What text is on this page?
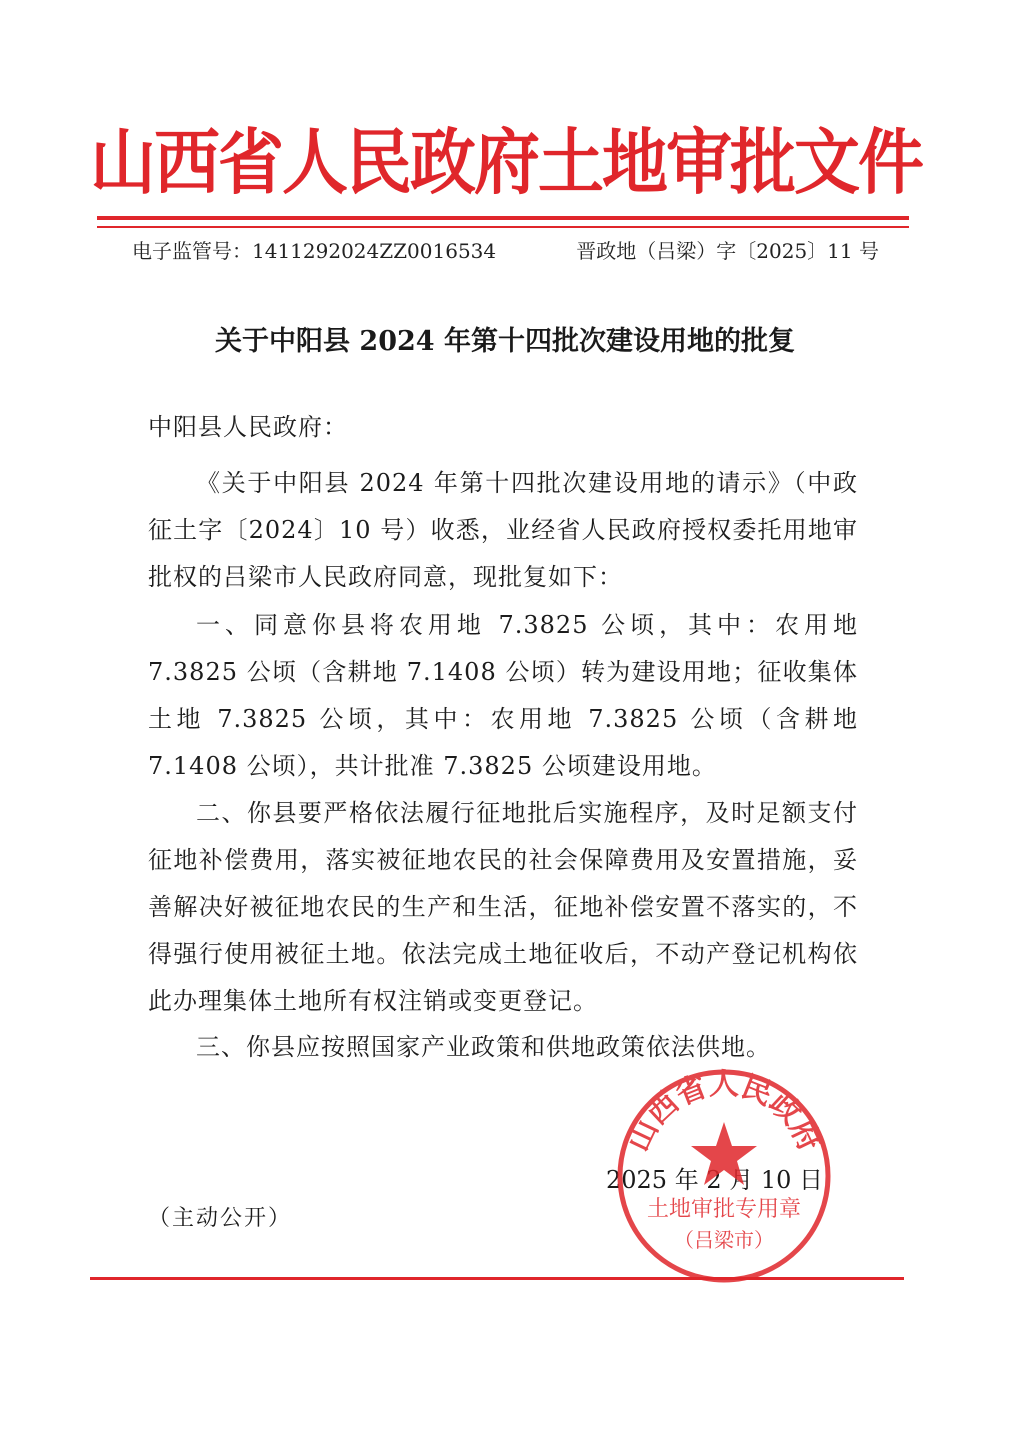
山西省人民政府土地审批文件
电子监管号：1411292024ZZ0016534	晋政地（吕梁）字〔2025〕11 号
关于中阳县 2024 年第十四批次建设用地的批复
中阳县人民政府：
《关于中阳县 2024 年第十四批次建设用地的请示》（中政征土字〔2024〕10 号）收悉，业经省人民政府授权委托用地审批权的吕梁市人民政府同意，现批复如下：
一、同意你县将农用地 7.3825 公顷，其中：农用地 7.3825 公顷（含耕地 7.1408 公顷）转为建设用地；征收集体土地 7.3825 公顷，其中：农用地 7.3825 公顷（含耕地 7.1408 公顷），共计批准 7.3825 公顷建设用地。
二、你县要严格依法履行征地批后实施程序，及时足额支付征地补偿费用，落实被征地农民的社会保障费用及安置措施，妥善解决好被征地农民的生产和生活，征地补偿安置不落实的，不得强行使用被征土地。依法完成土地征收后，不动产登记机构依此办理集体土地所有权注销或变更登记。
三、你县应按照国家产业政策和供地政策依法供地。
2025 年 2 月 10 日
（主动公开）
山西省人民政府
土地审批专用章
（吕梁市）
